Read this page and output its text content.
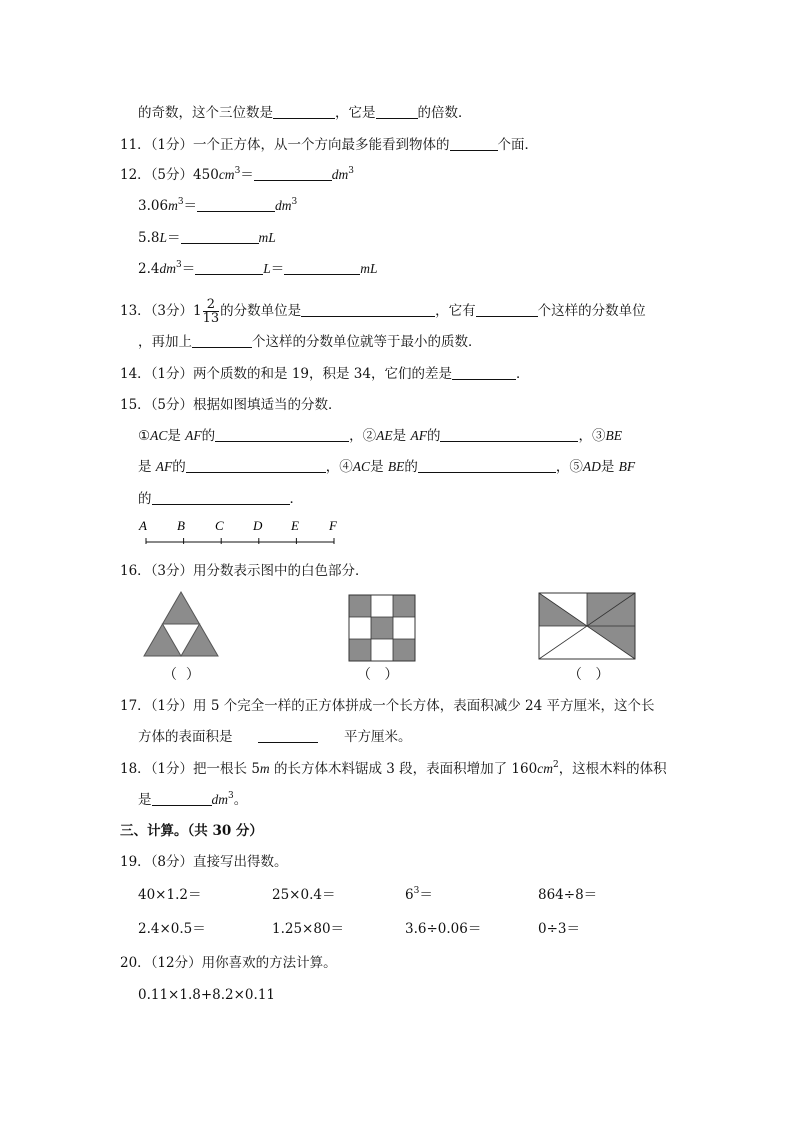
的奇数，这个三位数是	，它是	的倍数．
11．（1分）一个正方体，从一个方向最多能看到物体的	个面．
12．（5分）$450cm^3=$	$dm^3$
$3.06m^3=$	$dm^3$
5.8L＝	mL
$2.4dm^3=$	L＝	mL
13．（3分）$1 \frac{2}{13}$ 的分数单位是	，它有	个这样的分数单位
，再加上	个这样的分数单位就等于最小的质数．
14．（1分）两个质数的和是 19，积是 34，它们的差是	．
15．（5分）根据如图填适当的分数．
①AC是 AF的	，②AE是 AF的	，③BE
是 AF的	，④AC是 BE的	，⑤AD是 BF
的	．
A B C D E F
16．（3分）用分数表示图中的白色部分．
（ ）	（ ）	（ ）
17．（1分）用 5 个完全一样的正方体拼成一个长方体，表面积减少 24 平方厘米，这个长
方体的表面积是	平方厘米。
18．（1分）把一根长 5m 的长方体木料锯成 3 段，表面积增加了 $160cm^2$，这根木料的体积
是	$dm^3$。
三、计算。（共 30 分）
19．（8分）直接写出得数。
40×1.2＝	25×0.4＝	$6^3=$	864÷8＝
2.4×0.5＝	1.25×80＝	3.6÷0.06＝	0÷3＝
20．（12分）用你喜欢的方法计算。
0.11×1.8+8.2×0.11
